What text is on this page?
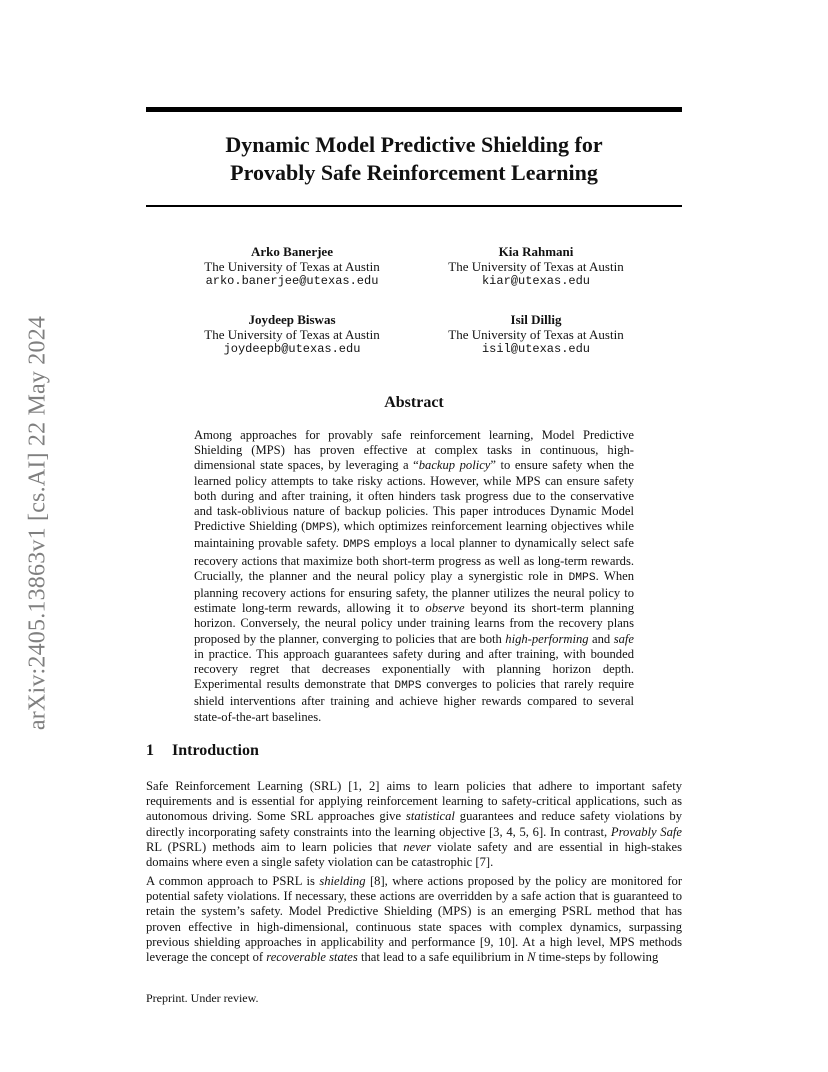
arXiv:2405.13863v1 [cs.AI] 22 May 2024
Dynamic Model Predictive Shielding for
Provably Safe Reinforcement Learning
Arko Banerjee
The University of Texas at Austin
arko.banerjee@utexas.edu
Kia Rahmani
The University of Texas at Austin
kiar@utexas.edu
Joydeep Biswas
The University of Texas at Austin
joydeepb@utexas.edu
Isil Dillig
The University of Texas at Austin
isil@utexas.edu
Abstract
Among approaches for provably safe reinforcement learning, Model Predictive Shielding (MPS) has proven effective at complex tasks in continuous, high-dimensional state spaces, by leveraging a “backup policy” to ensure safety when the learned policy attempts to take risky actions. However, while MPS can ensure safety both during and after training, it often hinders task progress due to the conservative and task-oblivious nature of backup policies. This paper introduces Dynamic Model Predictive Shielding (DMPS), which optimizes reinforcement learning objectives while maintaining provable safety. DMPS employs a local planner to dynamically select safe recovery actions that maximize both short-term progress as well as long-term rewards. Crucially, the planner and the neural policy play a synergistic role in DMPS. When planning recovery actions for ensuring safety, the planner utilizes the neural policy to estimate long-term rewards, allowing it to observe beyond its short-term planning horizon. Conversely, the neural policy under training learns from the recovery plans proposed by the planner, converging to policies that are both high-performing and safe in practice. This approach guarantees safety during and after training, with bounded recovery regret that decreases exponentially with planning horizon depth. Experimental results demonstrate that DMPS converges to policies that rarely require shield interventions after training and achieve higher rewards compared to several state-of-the-art baselines.
1 Introduction
Safe Reinforcement Learning (SRL) [1, 2] aims to learn policies that adhere to important safety requirements and is essential for applying reinforcement learning to safety-critical applications, such as autonomous driving. Some SRL approaches give statistical guarantees and reduce safety violations by directly incorporating safety constraints into the learning objective [3, 4, 5, 6]. In contrast, Provably Safe RL (PSRL) methods aim to learn policies that never violate safety and are essential in high-stakes domains where even a single safety violation can be catastrophic [7].
A common approach to PSRL is shielding [8], where actions proposed by the policy are monitored for potential safety violations. If necessary, these actions are overridden by a safe action that is guaranteed to retain the system’s safety. Model Predictive Shielding (MPS) is an emerging PSRL method that has proven effective in high-dimensional, continuous state spaces with complex dynamics, surpassing previous shielding approaches in applicability and performance [9, 10]. At a high level, MPS methods leverage the concept of recoverable states that lead to a safe equilibrium in N time-steps by following
Preprint. Under review.
